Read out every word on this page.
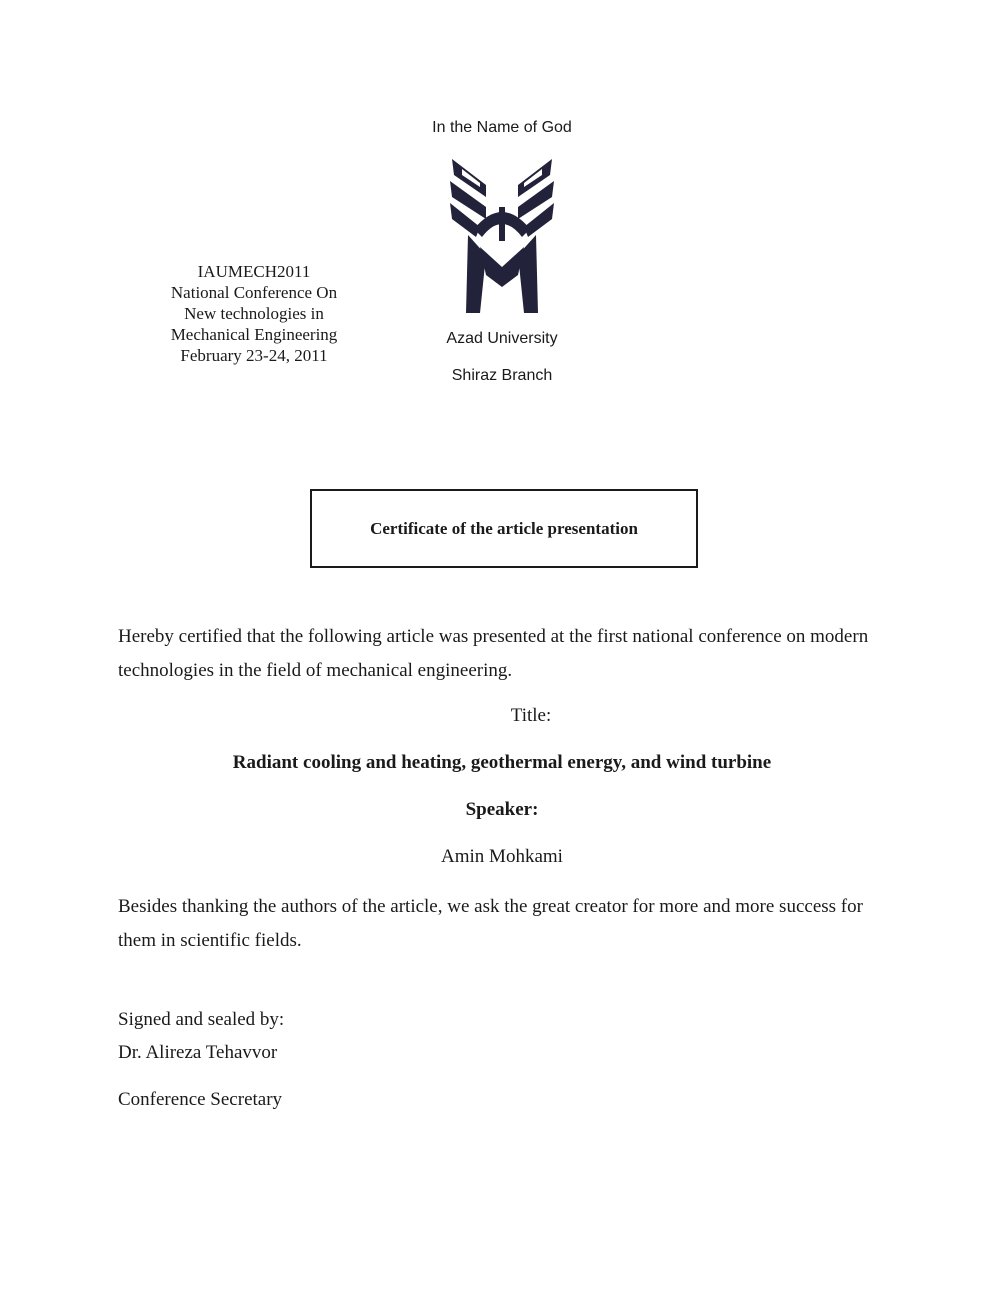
In the Name of God

IAUMECH2011
National Conference On
New technologies in
Mechanical Engineering
February 23-24, 2011

Azad University

Shiraz Branch

Certificate of the article presentation

Hereby certified that the following article was presented at the first national conference on modern technologies in the field of mechanical engineering.

Title:

Radiant cooling and heating, geothermal energy, and wind turbine

Speaker:

Amin Mohkami

Besides thanking the authors of the article, we ask the great creator for more and more success for them in scientific fields.

Signed and sealed by:

Dr. Alireza Tehavvor

Conference Secretary
